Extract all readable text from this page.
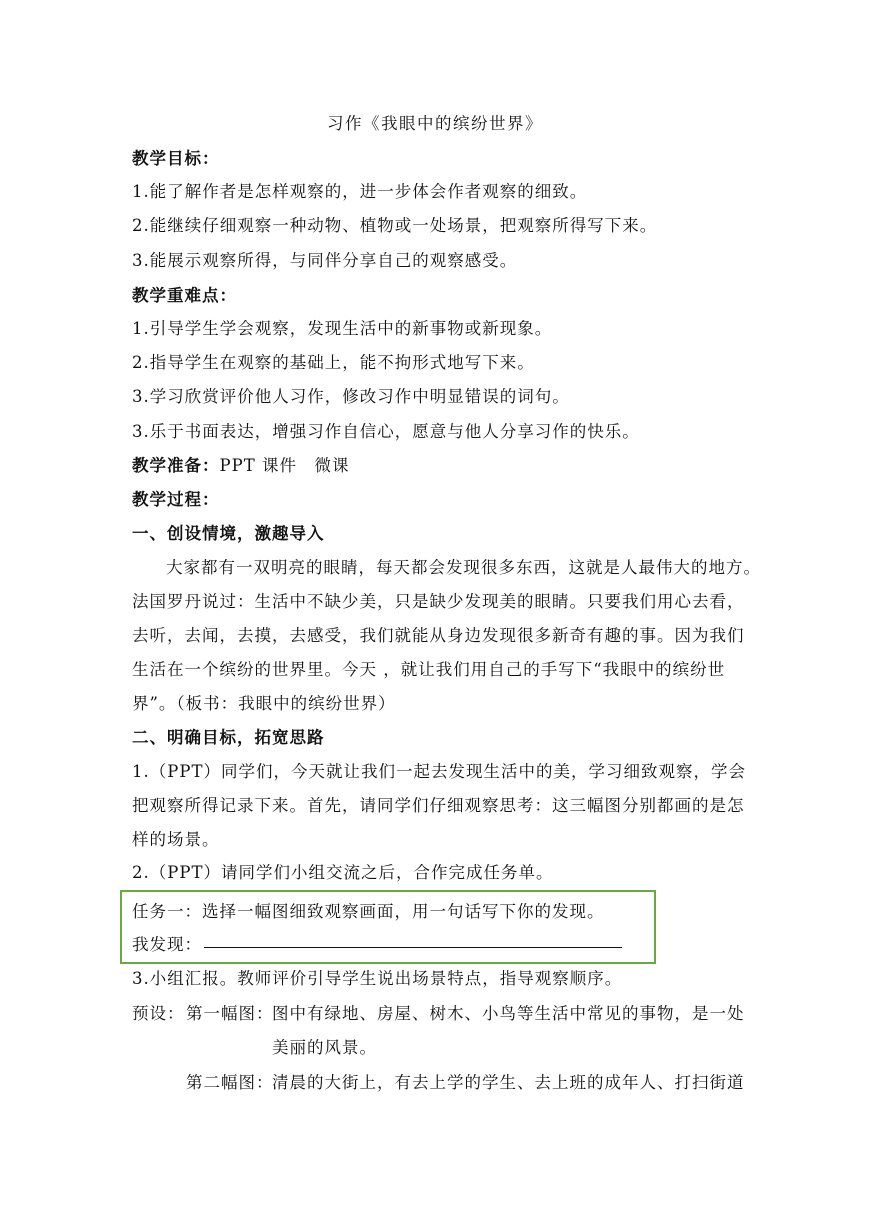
习作《我眼中的缤纷世界》
教学目标：
1.能了解作者是怎样观察的，进一步体会作者观察的细致。
2.能继续仔细观察一种动物、植物或一处场景，把观察所得写下来。
3.能展示观察所得，与同伴分享自己的观察感受。
教学重难点：
1.引导学生学会观察，发现生活中的新事物或新现象。
2.指导学生在观察的基础上，能不拘形式地写下来。
3.学习欣赏评价他人习作，修改习作中明显错误的词句。
3.乐于书面表达，增强习作自信心，愿意与他人分享习作的快乐。
教学准备：PPT 课件　微课
教学过程：
一、创设情境，激趣导入
大家都有一双明亮的眼睛，每天都会发现很多东西，这就是人最伟大的地方。
法国罗丹说过：生活中不缺少美，只是缺少发现美的眼睛。只要我们用心去看，
去听，去闻，去摸，去感受，我们就能从身边发现很多新奇有趣的事。因为我们
生活在一个缤纷的世界里。今天 ，就让我们用自己的手写下“我眼中的缤纷世
界”。（板书：我眼中的缤纷世界）
二、明确目标，拓宽思路
1.（PPT）同学们，今天就让我们一起去发现生活中的美，学习细致观察，学会
把观察所得记录下来。首先，请同学们仔细观察思考：这三幅图分别都画的是怎
样的场景。
2.（PPT）请同学们小组交流之后，合作完成任务单。
任务一：选择一幅图细致观察画面，用一句话写下你的发现。
我发现：
3.小组汇报。教师评价引导学生说出场景特点，指导观察顺序。
预设： 第一幅图：
图中有绿地、房屋、树木、小鸟等生活中常见的事物，是一处
美丽的风景。
第二幅图：
清晨的大街上，有去上学的学生、去上班的成年人、打扫街道
